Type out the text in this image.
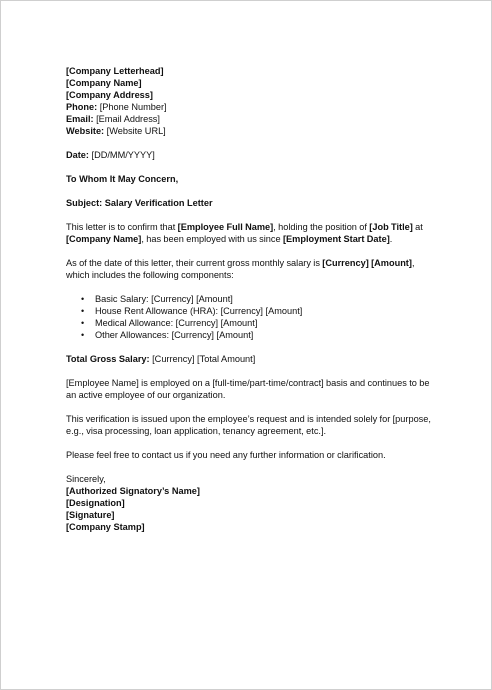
[Company Letterhead]
[Company Name]
[Company Address]
Phone: [Phone Number]
Email: [Email Address]
Website: [Website URL]
Date: [DD/MM/YYYY]
To Whom It May Concern,
Subject: Salary Verification Letter

This letter is to confirm that [Employee Full Name], holding the position of [Job Title] at [Company Name], has been employed with us since [Employment Start Date].

As of the date of this letter, their current gross monthly salary is [Currency] [Amount], which includes the following components:

• Basic Salary: [Currency] [Amount]
• House Rent Allowance (HRA): [Currency] [Amount]
• Medical Allowance: [Currency] [Amount]
• Other Allowances: [Currency] [Amount]
Total Gross Salary: [Currency] [Total Amount]

[Employee Name] is employed on a [full-time/part-time/contract] basis and continues to be an active employee of our organization.

This verification is issued upon the employee’s request and is intended solely for [purpose, e.g., visa processing, loan application, tenancy agreement, etc.].

Please feel free to contact us if you need any further information or clarification.

Sincerely,
[Authorized Signatory’s Name]
[Designation]
[Signature]
[Company Stamp]
